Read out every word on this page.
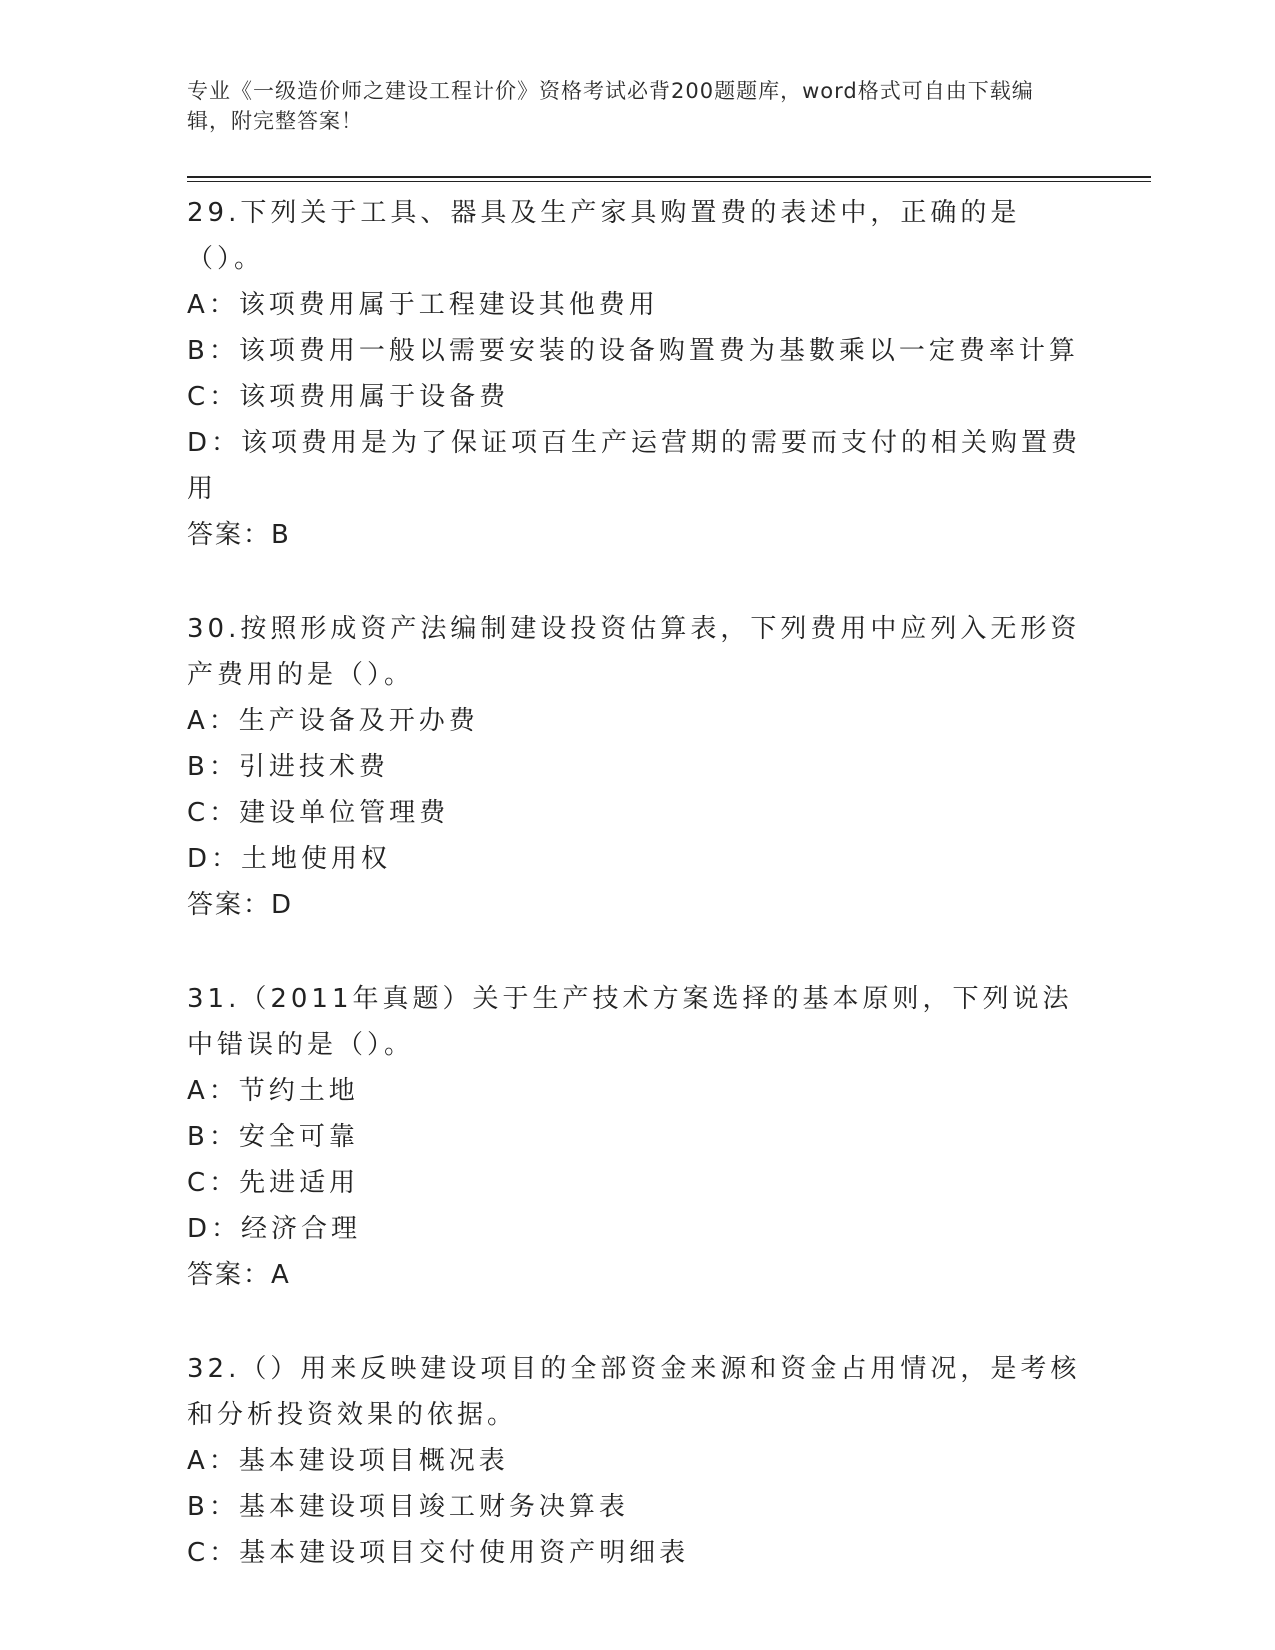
专业《一级造价师之建设工程计价》资格考试必背200题题库，word格式可自由下载编辑，附完整答案！

29.下列关于工具、器具及生产家具购置费的表述中，正确的是（）。

A：该项费用属于工程建设其他费用

B：该项费用一般以需要安装的设备购置费为基數乘以一定费率计算

C：该项费用属于设备费

D：该项费用是为了保证项百生产运营期的需要而支付的相关购置费用

答案：B

30.按照形成资产法编制建设投资估算表，下列费用中应列入无形资产费用的是（）。

A：生产设备及开办费

B：引进技术费

C：建设单位管理费

D：土地使用权

答案：D

31.（2011年真题）关于生产技术方案选择的基本原则，下列说法中错误的是（）。

A：节约土地

B：安全可靠

C：先进适用

D：经济合理

答案：A

32.（）用来反映建设项目的全部资金来源和资金占用情况，是考核和分析投资效果的依据。

A：基本建设项目概况表

B：基本建设项目竣工财务决算表

C：基本建设项目交付使用资产明细表
